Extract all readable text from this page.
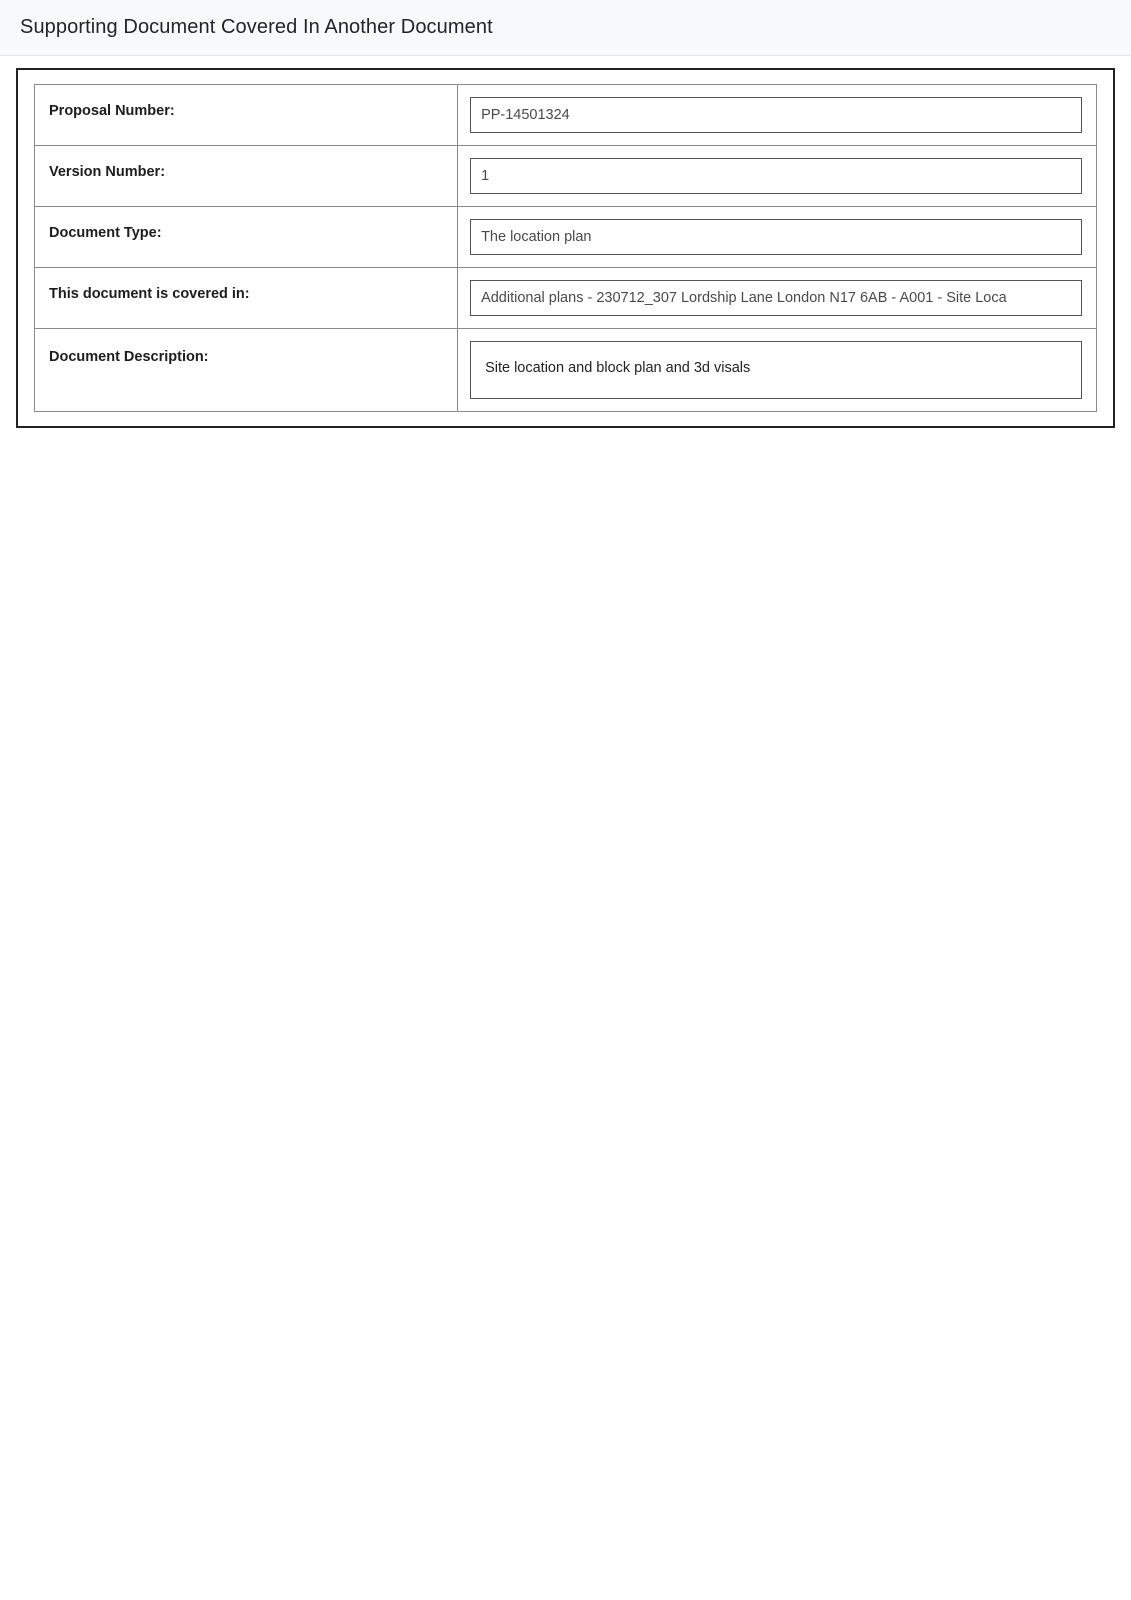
Supporting Document Covered In Another Document
Proposal Number:	PP-14501324

Version Number:	1

Document Type:	The location plan

This document is covered in:	Additional plans - 230712_307 Lordship Lane London N17 6AB - A001 - Site Loca

Document Description:	Site location and block plan and 3d visals
